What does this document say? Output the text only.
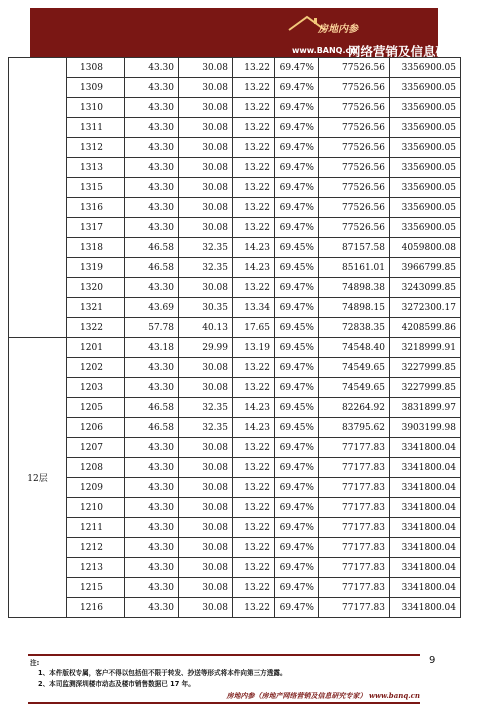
房地内参
www.BANQ.cn
网络营销及信息研究专家
	1308	43.30	30.08	13.22	69.47%	77526.56	3356900.05
	1309	43.30	30.08	13.22	69.47%	77526.56	3356900.05
	1310	43.30	30.08	13.22	69.47%	77526.56	3356900.05
	1311	43.30	30.08	13.22	69.47%	77526.56	3356900.05
	1312	43.30	30.08	13.22	69.47%	77526.56	3356900.05
	1313	43.30	30.08	13.22	69.47%	77526.56	3356900.05
	1315	43.30	30.08	13.22	69.47%	77526.56	3356900.05
	1316	43.30	30.08	13.22	69.47%	77526.56	3356900.05
	1317	43.30	30.08	13.22	69.47%	77526.56	3356900.05
	1318	46.58	32.35	14.23	69.45%	87157.58	4059800.08
	1319	46.58	32.35	14.23	69.45%	85161.01	3966799.85
	1320	43.30	30.08	13.22	69.47%	74898.38	3243099.85
	1321	43.69	30.35	13.34	69.47%	74898.15	3272300.17
	1322	57.78	40.13	17.65	69.45%	72838.35	4208599.86
12层	1201	43.18	29.99	13.19	69.45%	74548.40	3218999.91
	1202	43.30	30.08	13.22	69.47%	74549.65	3227999.85
	1203	43.30	30.08	13.22	69.47%	74549.65	3227999.85
	1205	46.58	32.35	14.23	69.45%	82264.92	3831899.97
	1206	46.58	32.35	14.23	69.45%	83795.62	3903199.98
	1207	43.30	30.08	13.22	69.47%	77177.83	3341800.04
	1208	43.30	30.08	13.22	69.47%	77177.83	3341800.04
	1209	43.30	30.08	13.22	69.47%	77177.83	3341800.04
	1210	43.30	30.08	13.22	69.47%	77177.83	3341800.04
	1211	43.30	30.08	13.22	69.47%	77177.83	3341800.04
	1212	43.30	30.08	13.22	69.47%	77177.83	3341800.04
	1213	43.30	30.08	13.22	69.47%	77177.83	3341800.04
	1215	43.30	30.08	13.22	69.47%	77177.83	3341800.04
	1216	43.30	30.08	13.22	69.47%	77177.83	3341800.04
注:
1、本件版权专属，客户不得以包括但不限于转发、抄送等形式将本件向第三方透露。
2、本司监测深圳楼市动态及楼市销售数据已 17 年。
房地内参（房地产网络营销及信息研究专家） www.banq.cn
9
